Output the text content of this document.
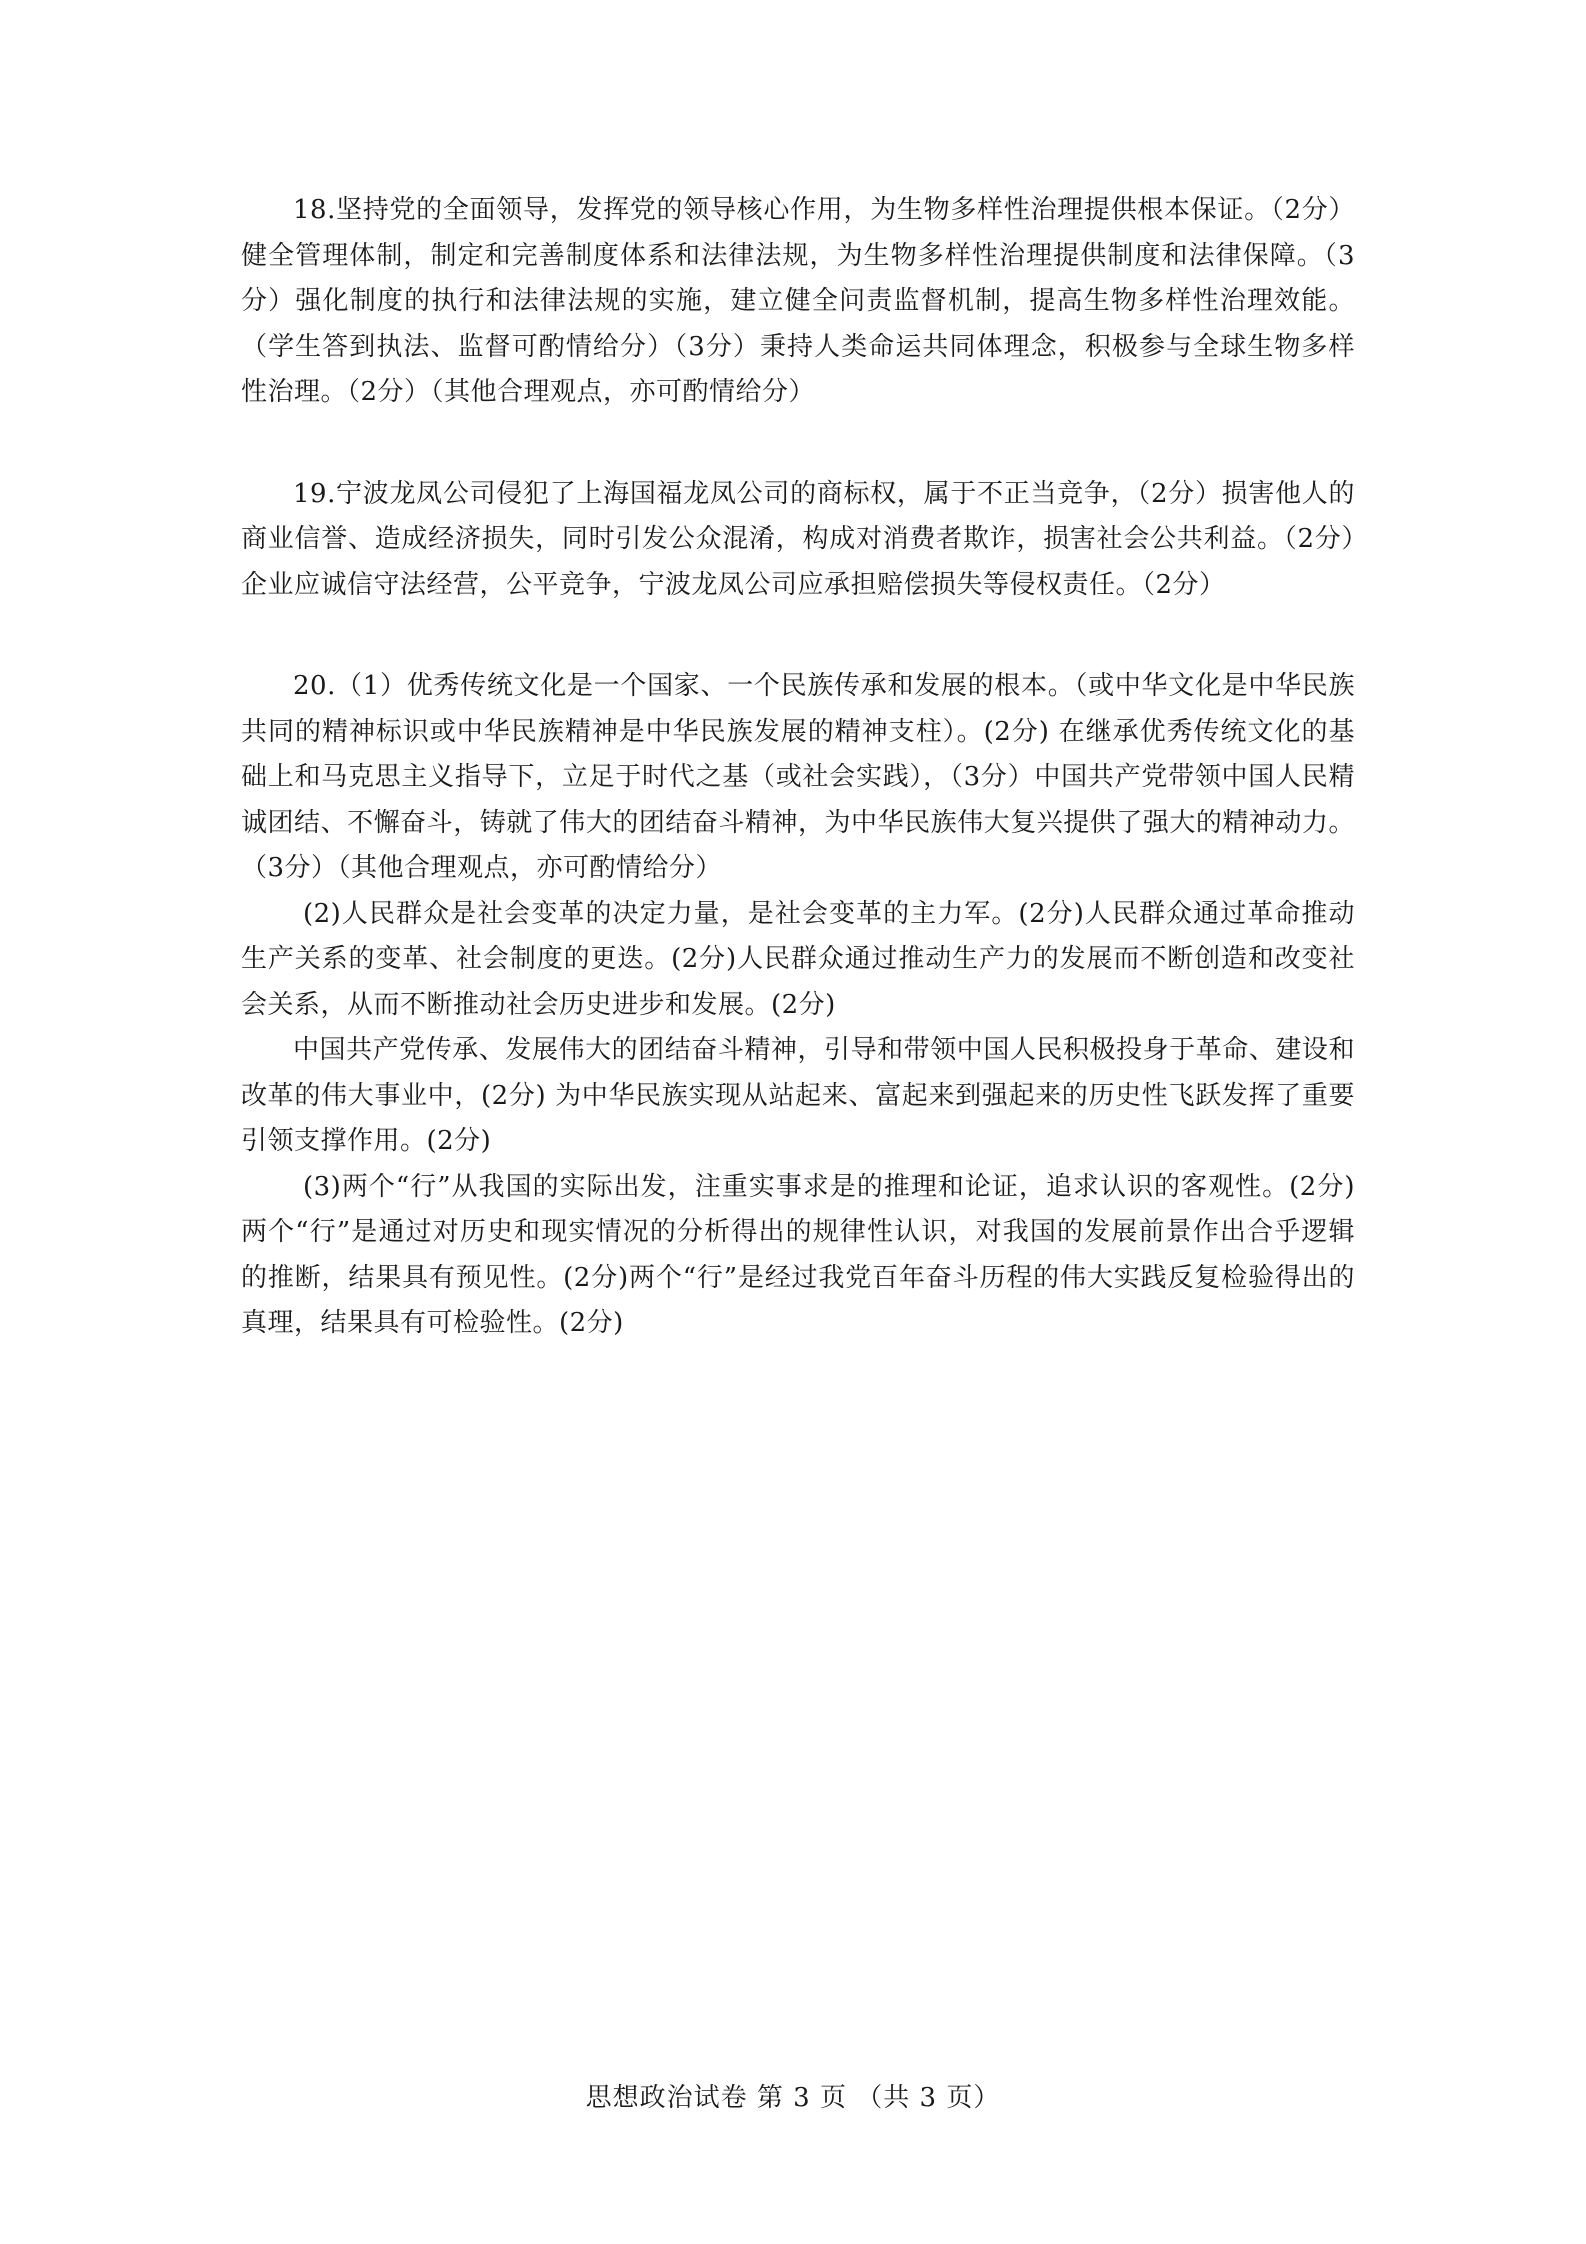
18.坚持党的全面领导，发挥党的领导核心作用，为生物多样性治理提供根本保证。（2分）健全管理体制，制定和完善制度体系和法律法规，为生物多样性治理提供制度和法律保障。（3分）强化制度的执行和法律法规的实施，建立健全问责监督机制，提高生物多样性治理效能。（学生答到执法、监督可酌情给分）（3分）秉持人类命运共同体理念，积极参与全球生物多样性治理。（2分）（其他合理观点，亦可酌情给分）

19.宁波龙凤公司侵犯了上海国福龙凤公司的商标权，属于不正当竞争，（2分）损害他人的商业信誉、造成经济损失，同时引发公众混淆，构成对消费者欺诈，损害社会公共利益。（2分）企业应诚信守法经营，公平竞争，宁波龙凤公司应承担赔偿损失等侵权责任。（2分）

20.（1）优秀传统文化是一个国家、一个民族传承和发展的根本。（或中华文化是中华民族共同的精神标识或中华民族精神是中华民族发展的精神支柱）。(2分) 在继承优秀传统文化的基础上和马克思主义指导下，立足于时代之基（或社会实践），（3分）中国共产党带领中国人民精诚团结、不懈奋斗，铸就了伟大的团结奋斗精神，为中华民族伟大复兴提供了强大的精神动力。（3分）（其他合理观点，亦可酌情给分）

(2)人民群众是社会变革的决定力量，是社会变革的主力军。(2分)人民群众通过革命推动生产关系的变革、社会制度的更迭。(2分)人民群众通过推动生产力的发展而不断创造和改变社会关系，从而不断推动社会历史进步和发展。(2分)

中国共产党传承、发展伟大的团结奋斗精神，引导和带领中国人民积极投身于革命、建设和改革的伟大事业中，(2分) 为中华民族实现从站起来、富起来到强起来的历史性飞跃发挥了重要引领支撑作用。(2分)

(3)两个“行”从我国的实际出发，注重实事求是的推理和论证，追求认识的客观性。(2分)两个“行”是通过对历史和现实情况的分析得出的规律性认识，对我国的发展前景作出合乎逻辑的推断，结果具有预见性。(2分)两个“行”是经过我党百年奋斗历程的伟大实践反复检验得出的真理，结果具有可检验性。(2分)

思想政治试卷 第 3 页 （共 3 页）
